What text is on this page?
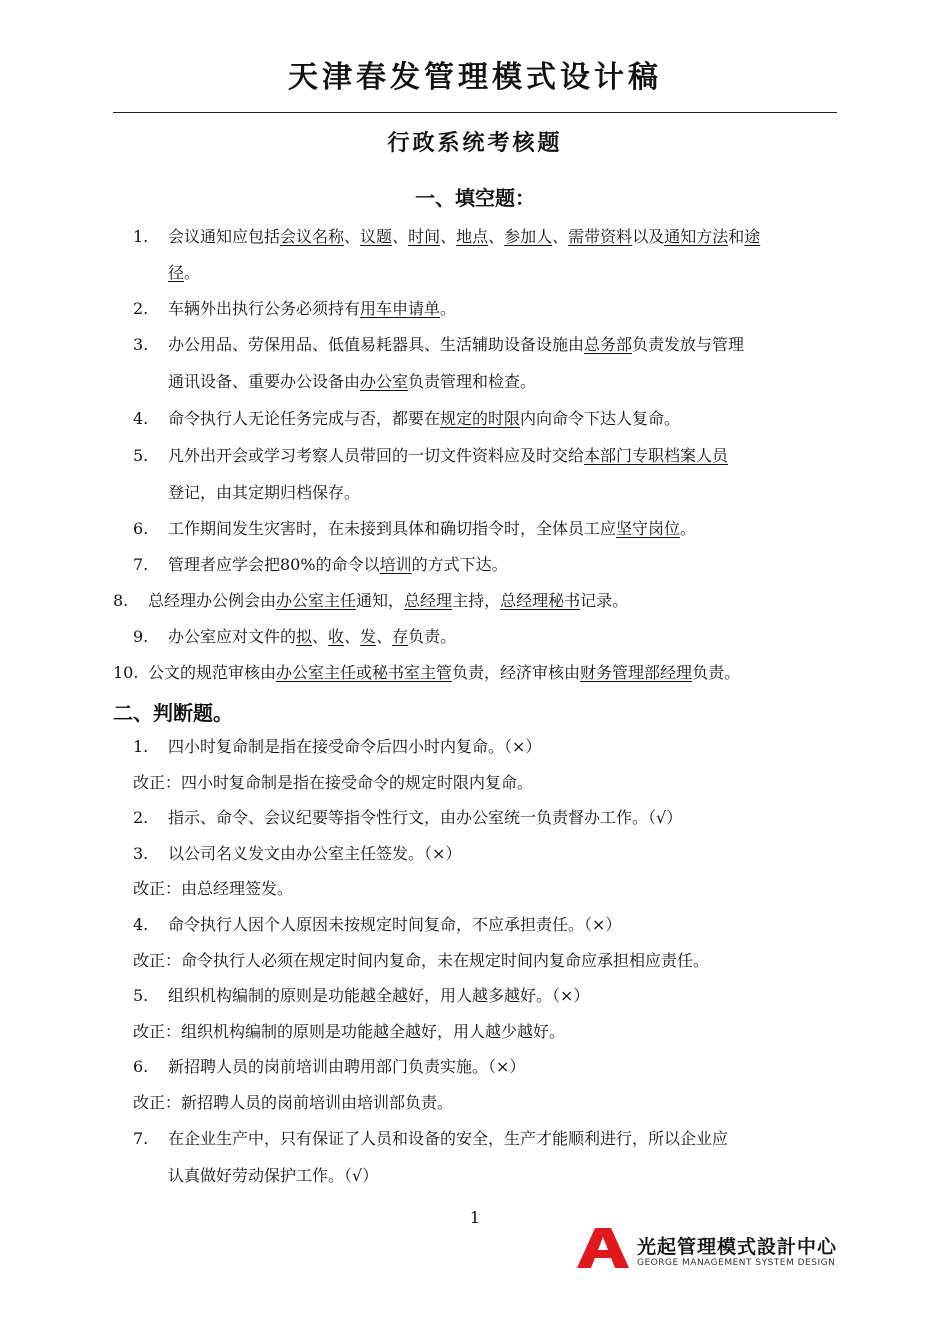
天津春发管理模式设计稿
行政系统考核题
一、填空题：
1. 会议通知应包括会议名称、议题、时间、地点、参加人、需带资料以及通知方法和途
径。
2. 车辆外出执行公务必须持有用车申请单。
3. 办公用品、劳保用品、低值易耗器具、生活辅助设备设施由总务部负责发放与管理
通讯设备、重要办公设备由办公室负责管理和检查。
4. 命令执行人无论任务完成与否，都要在规定的时限内向命令下达人复命。
5. 凡外出开会或学习考察人员带回的一切文件资料应及时交给本部门专职档案人员
登记，由其定期归档保存。
6. 工作期间发生灾害时，在未接到具体和确切指令时，全体员工应坚守岗位。
7. 管理者应学会把80%的命令以培训的方式下达。
8. 总经理办公例会由办公室主任通知，总经理主持，总经理秘书记录。
9. 办公室应对文件的拟、收、发、存负责。
10. 公文的规范审核由办公室主任或秘书室主管负责，经济审核由财务管理部经理负责。
二、判断题。
1. 四小时复命制是指在接受命令后四小时内复命。（×）
改正：四小时复命制是指在接受命令的规定时限内复命。
2. 指示、命令、会议纪要等指令性行文，由办公室统一负责督办工作。（√）
3. 以公司名义发文由办公室主任签发。（×）
改正：由总经理签发。
4. 命令执行人因个人原因未按规定时间复命，不应承担责任。（×）
改正：命令执行人必须在规定时间内复命，未在规定时间内复命应承担相应责任。
5. 组织机构编制的原则是功能越全越好，用人越多越好。（×）
改正：组织机构编制的原则是功能越全越好，用人越少越好。
6. 新招聘人员的岗前培训由聘用部门负责实施。（×）
改正：新招聘人员的岗前培训由培训部负责。
7. 在企业生产中，只有保证了人员和设备的安全，生产才能顺利进行，所以企业应
认真做好劳动保护工作。（√）
1
光起管理模式設計中心
GEORGE MANAGEMENT SYSTEM DESIGN
